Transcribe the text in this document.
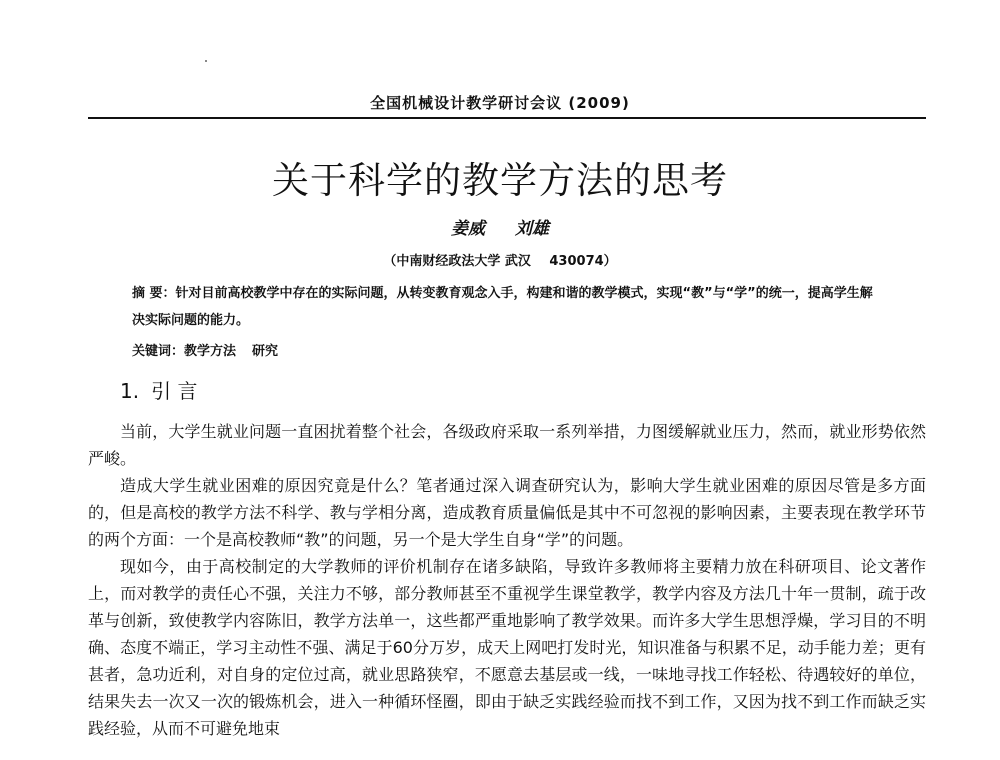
全国机械设计教学研讨会议 (2009)
关于科学的教学方法的思考
姜威 刘雄
（中南财经政法大学 武汉 430074）
摘 要：针对目前高校教学中存在的实际问题，从转变教育观念入手，构建和谐的教学模式，实现“教”与“学”的统一，提高学生解决实际问题的能力。
关键词：教学方法 研究
1. 引 言

当前，大学生就业问题一直困扰着整个社会，各级政府采取一系列举措，力图缓解就业压力，然而，就业形势依然严峻。

造成大学生就业困难的原因究竟是什么？笔者通过深入调查研究认为，影响大学生就业困难的原因尽管是多方面的，但是高校的教学方法不科学、教与学相分离，造成教育质量偏低是其中不可忽视的影响因素，主要表现在教学环节的两个方面：一个是高校教师“教”的问题，另一个是大学生自身“学”的问题。

现如今，由于高校制定的大学教师的评价机制存在诸多缺陷，导致许多教师将主要精力放在科研项目、论文著作上，而对教学的责任心不强，关注力不够，部分教师甚至不重视学生课堂教学，教学内容及方法几十年一贯制，疏于改革与创新，致使教学内容陈旧，教学方法单一，这些都严重地影响了教学效果。而许多大学生思想浮燥，学习目的不明确、态度不端正，学习主动性不强、满足于60分万岁，成天上网吧打发时光，知识准备与积累不足，动手能力差；更有甚者，急功近利，对自身的定位过高，就业思路狭窄，不愿意去基层或一线，一味地寻找工作轻松、待遇较好的单位，结果失去一次又一次的锻炼机会，进入一种循环怪圈，即由于缺乏实践经验而找不到工作，又因为找不到工作而缺乏实践经验，从而不可避免地束
